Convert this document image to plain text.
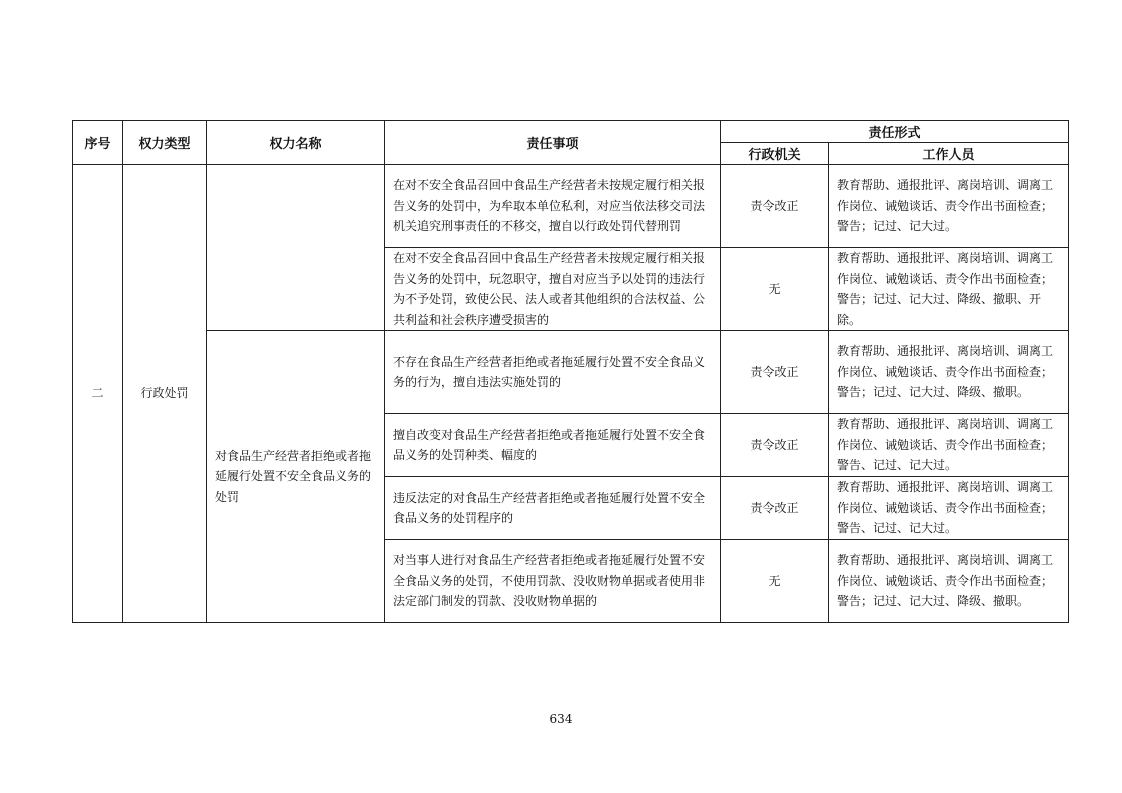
序号	权力类型	权力名称	责任事项	责任形式	
				行政机关	工作人员
二	行政处罚		在对不安全食品召回中食品生产经营者未按规定履行相关报告义务的处罚中，为牟取本单位私利，对应当依法移交司法机关追究刑事责任的不移交，擅自以行政处罚代替刑罚	责令改正	教育帮助、通报批评、离岗培训、调离工作岗位、诫勉谈话、责令作出书面检查；警告；记过、记大过。
			在对不安全食品召回中食品生产经营者未按规定履行相关报告义务的处罚中，玩忽职守，擅自对应当予以处罚的违法行为不予处罚，致使公民、法人或者其他组织的合法权益、公共利益和社会秩序遭受损害的	无	教育帮助、通报批评、离岗培训、调离工作岗位、诫勉谈话、责令作出书面检查；警告；记过、记大过、降级、撤职、开除。
		对食品生产经营者拒绝或者拖延履行处置不安全食品义务的处罚	不存在食品生产经营者拒绝或者拖延履行处置不安全食品义务的行为，擅自违法实施处罚的	责令改正	教育帮助、通报批评、离岗培训、调离工作岗位、诫勉谈话、责令作出书面检查；警告；记过、记大过、降级、撤职。
			擅自改变对食品生产经营者拒绝或者拖延履行处置不安全食品义务的处罚种类、幅度的	责令改正	教育帮助、通报批评、离岗培训、调离工作岗位、诫勉谈话、责令作出书面检查；警告、记过、记大过。
			违反法定的对食品生产经营者拒绝或者拖延履行处置不安全食品义务的处罚程序的	责令改正	教育帮助、通报批评、离岗培训、调离工作岗位、诫勉谈话、责令作出书面检查；警告、记过、记大过。
			对当事人进行对食品生产经营者拒绝或者拖延履行处置不安全食品义务的处罚，不使用罚款、没收财物单据或者使用非法定部门制发的罚款、没收财物单据的	无	教育帮助、通报批评、离岗培训、调离工作岗位、诫勉谈话、责令作出书面检查；警告；记过、记大过、降级、撤职。
634
